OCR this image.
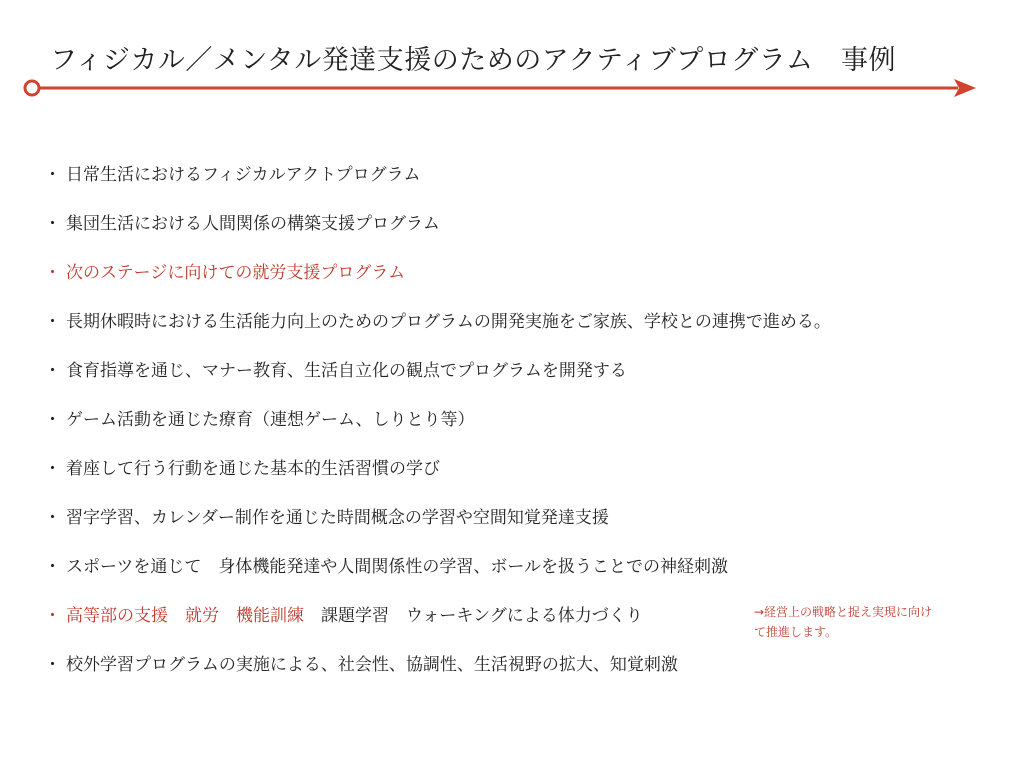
フィジカル／メンタル発達支援のためのアクティブプログラム　事例
・ 日常生活におけるフィジカルアクトプログラム
・ 集団生活における人間関係の構築支援プログラム
・ 次のステージに向けての就労支援プログラム
・ 長期休暇時における生活能力向上のためのプログラムの開発実施をご家族、学校との連携で進める。
・ 食育指導を通じ、マナー教育、生活自立化の観点でプログラムを開発する
・ ゲーム活動を通じた療育（連想ゲーム、しりとり等）
・ 着座して行う行動を通じた基本的生活習慣の学び
・ 習字学習、カレンダー制作を通じた時間概念の学習や空間知覚発達支援
・ スポーツを通じて　身体機能発達や人間関係性の学習、ボールを扱うことでの神経刺激
・ 高等部の支援　就労　機能訓練 　課題学習　ウォーキングによる体力づくり	→経営上の戦略と捉え実現に向け
て推進します。
・ 校外学習プログラムの実施による、社会性、協調性、生活視野の拡大、知覚刺激
